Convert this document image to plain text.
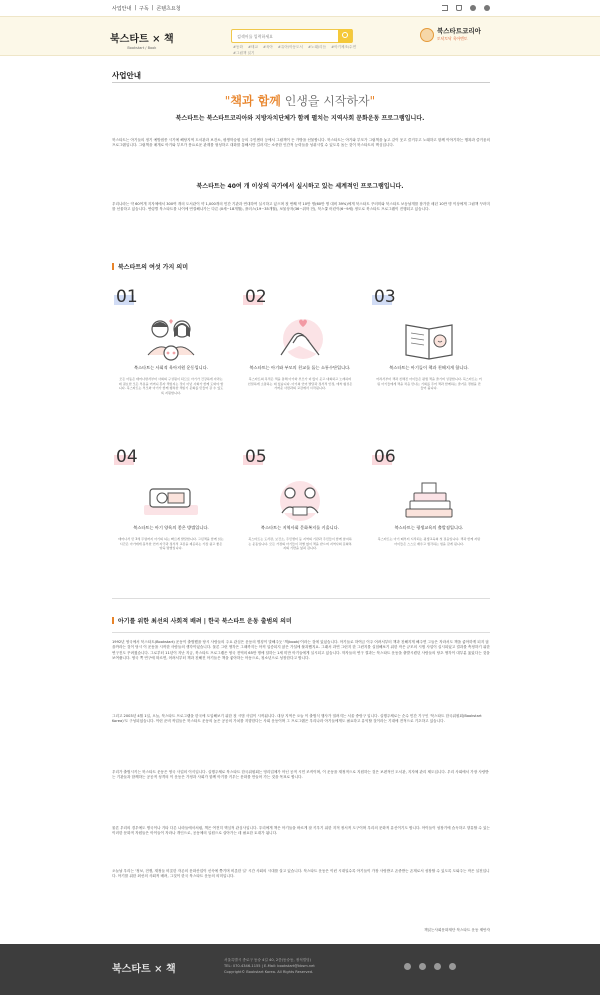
사업안내 | 구독 | 콘텐츠요청
북스타트 × 책
Bookstart / Book
검색어를 입력하세요	#동화 #태교 #육아 #유아/아동도서 #노래/리듬 #아기체조/수면
#그림책 읽기
북스타트코리아
토닥토닥 육아멘토
사업안내
"책과 함께 인생을 시작하자"
북스타트는 북스타트코리아와 지방자치단체가 함께 펼치는 지역사회 문화운동 프로그램입니다.
북스타트는 아기들의 정기 예방접종 시기에 해당지역 도서관과 보건소, 평생학습원 등의 주민센터 등에서 그림책이 든 가방을 선물합니다. 북스타트는 아기와 부모가 그림책을 놓고 같이 웃고 즐거우고 노래하고 함께 이야기하는 행복과 즐거움의 프로그램입니다. 그림책을 매개로 아기와 부모가 풍요로운 관계를 형성하고 대화를 통해서만 길러지는 소중한 인간적 능력들을 성취시킬 수 있도록 돕는 것이 북스타트의 핵심입니다.
북스타트는 40여 개 이상의 국가에서 실시하고 있는 세계적인 프로그램입니다.
우리나라는 약 60여개 지자체에서 300여 개의 도서관이 약 1,000개의 민간 기관과 연대하여 실시하고 있으며 첫 번째 약 10만 명(60만 명 대비 39%)에게 북스타트 꾸러미와 북스타트 보듬날개를 참가한 매년 10만 명 이상에게 그림책 꾸러미를 선물하고 있습니다. 연령별 북스타트를 나이에 연결해나가는 다른 (0세~18개월), 플러스(19~35개월), 보물상자(36~취학 전), 북스쿨 어린이(6~9세) 정도로 북스타트 프로그램이 진행되고 있습니다.
북스타트의 여섯 가지 의미
01
북스타트는 사회적 육아지원 운동입니다.
모든 아동은 태어나면서부터 사회의 구성원이 되므로 아기가 건강하게 자라는 데 필요한 모든 부분을 어머니 혼자 책임지는 것이 아닌 사회가 함께 도와야 합니다. 북스타트는 부모와 아기가 함께 행복한 책읽기 문화를 만들어 갈 수 있도록 지원합니다.
02
북스타트는 아기와 부모의 친교를 돕는 소통수단입니다.
북스타트의 목적은 책을 통해 아기와 부모가 더 많이 웃고 대화하고 노래하며 친밀하게 소통하는 데 있습니다. 아기의 언어 발달과 정서적 안정, 애착 형성은 가까운 사람과의 교감에서 시작됩니다.
03
북스타트는 아기들이 책과 친해지게 합니다.
어려서부터 책과 친해진 아이들은 평생 책을 즐기며 성장합니다. 북스타트는 어린 아기들에게 책을 처음 만나는 기회를 주어 책과 함께하는 즐거운 경험을 만들어 줍니다.
04
북스타트는 아기 양육의 좋은 방법입니다.
태어나서 만 3세 무렵까지 아기의 뇌는 빠르게 발달합니다. 그림책을 함께 읽는 시간은 아기에게 풍부한 언어 자극과 정서적 교감을 제공하는 가장 쉽고 좋은 양육 방법입니다.
05
북스타트는 지역사회 문화복지를 키웁니다.
북스타트는 도서관, 보건소, 주민센터 등 지역의 기관과 주민들이 함께 참여하는 운동입니다. 모든 가정의 아기들이 차별 없이 책을 받으며 지역사회 문화복지의 기반을 넓혀 갑니다.
06
북스타트는 평생교육의 출발점입니다.
북스타트는 아기 때부터 시작되는 평생교육의 첫 걸음입니다. 책과 함께 자란 아이들은 스스로 배우고 생각하는 힘을 갖게 됩니다.
아기를 위한 최선의 사회적 배려 | 한국 북스타트 운동 출범의 의미
1992년 영국에서 북스타트(Bookstart) 운동이 출범했을 당시 사람들의 주요 관심은 운동의 명칭이 말해주듯 '책(book)'이라는 것에 있었습니다. 아기들로 하여금 이주 어려서부터 책과 친해지게 해주면 그들은 자라서도 책을 좋아하게 되지 않을까라는 것이 당시 이 운동을 시작한 사람들의 생각이었습니다. 물론 그런 생각은 그때까지는 아직 입증되지 않은 가설에 불과했지요. 그래서 과연 그런지 한 그런지를 실험해보기 위한 작은 규모의 시범 사업이 실시되었고 결과를 측정하기 위한 연구진도 꾸려졌습니다. 그로부터 11년이 지난 지금, 북스타트 프로그램은 영국 전역의 65만 명에 달하는 1세 미만 아기들에게 실시되고 있습니다. 학자들의 연구 결과는 북스타트 운동을 출발시켰던 사람들의 당초 생각이 대부분 옳았다는 것을 보여줍니다. 영국 쪽 연구에 따르면, 어려서부터 책과 친해진 아기들은 책을 좋아하는 아동으로, 청소년으로 성장한다고 합니다.
그리고 2003년 4월 1일, 오늘, 북스타트 프로그램을 한국에 도입해보기 위한 첫 시범 사업이 시작됩니다. 대상 지역은 오늘 이 출범식 행사가 열려지는 서울 중랑구 입니다. 실행주체로는 순수 민간 기구인 '북스타트 한국위원회(Bookstart Korea)'도 구성되었습니다. 이런 준비 작업들은 북스타트 운동의 높은 공공의 가치를 지향한다는 사회 운동이며 그 프로그램은 우리나라 아기들에게도 필요하고 유익할 것이라는 기대에 전적으로 기초하고 있습니다.
우리가 출범시키는 북스타트 운동은 영국 사업의 이식입니다. 실행주체로 북스타트 한국위원회는 영리업체가 아닌 공적 시민 조직이며, 이 운동을 재정적으로 지원하는 것은 보편적인 도서관, 지자체 관리 제도입니다. 우리 사회에서 가장 사랑받는 기관들과 함께하는 공공적 성격의 이 운동은 가정과 사회가 함께 아기를 키우는 문화를 만들어 가는 것을 목표로 합니다.
물론 우리의 경우에도 명국이나 기타 다른 나라들에서처럼, 책은 여전히 핵심적 관심사입니다. 우리에게 책은 아기들을 바르게 잘 키우기 위한 지적 정서적 도구이며 우리의 문화적 유산이기도 합니다. 아이들이 성장기에 습득하고 향유할 수 있는 이러한 문화적 자원들은 아이들이 자라나 개인으로, 공동체의 일원으로 살아가는 데 필요한 토대가 됩니다.
오늘날 우리는 '정보, 전쟁, 재정들 비롯한 자존의 문화산업이 신속에 쫓기며 비롯한 일' 시간 사회의 시대를 살고 있습니다. 북스타트 운동은 이런 시대일수록 아기들이 가장 사랑받고 존중받는 존재로서 성장할 수 있도록 도와주는 작은 실천입니다. 아기를 위한 최선의 사회적 배려, 그것이 한국 북스타트 운동의 의미입니다.
책읽는사회문화재단 북스타트 운동 제안자
북스타트 × 책
서울특별시 종로구 동숭 4길 40, 2층(동숭동, 정석빌딩)
TEL: 070-4346-1155 | E-Mail: bookstart@kbsm.net
Copyright© Bookstart Korea. All Rights Reserved.
